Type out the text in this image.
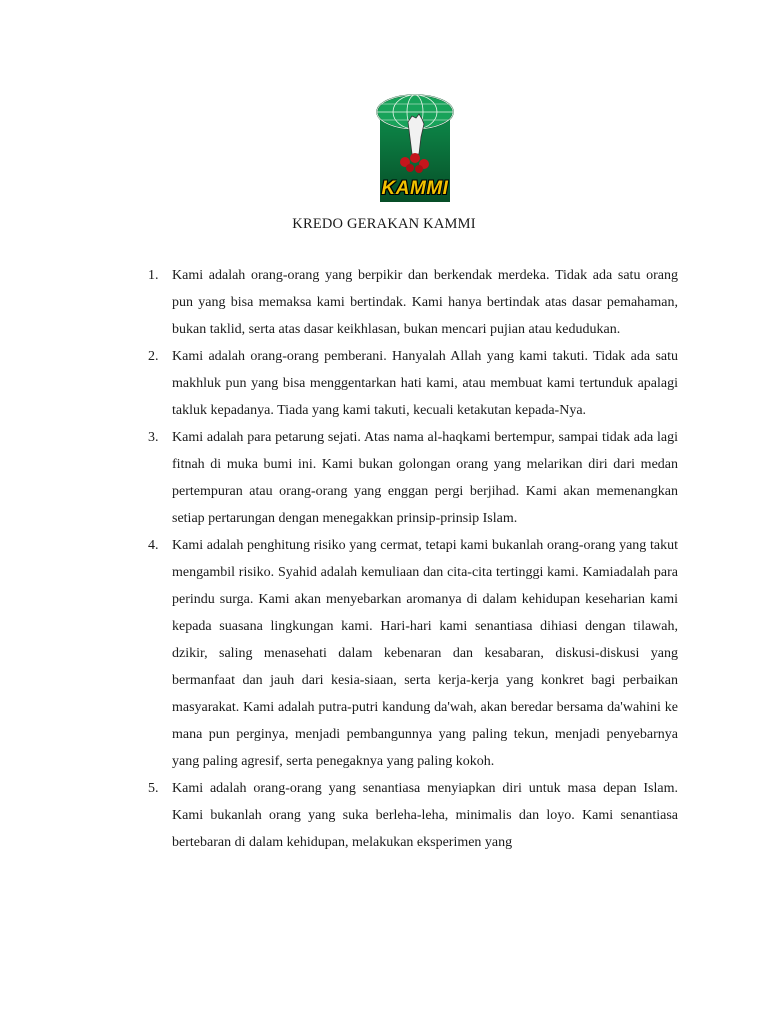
KAMMI
KREDO GERAKAN KAMMI
1. Kami adalah orang-orang yang berpikir dan berkendak merdeka. Tidak ada satu orang pun yang bisa memaksa kami bertindak. Kami hanya bertindak atas dasar pemahaman, bukan taklid, serta atas dasar keikhlasan, bukan mencari pujian atau kedudukan.
2. Kami adalah orang-orang pemberani. Hanyalah Allah yang kami takuti. Tidak ada satu makhluk pun yang bisa menggentarkan hati kami, atau membuat kami tertunduk apalagi takluk kepadanya. Tiada yang kami takuti, kecuali ketakutan kepada-Nya.
3. Kami adalah para petarung sejati. Atas nama al-haqkami bertempur, sampai tidak ada lagi fitnah di muka bumi ini. Kami bukan golongan orang yang melarikan diri dari medan pertempuran atau orang-orang yang enggan pergi berjihad. Kami akan memenangkan setiap pertarungan dengan menegakkan prinsip-prinsip Islam.
4. Kami adalah penghitung risiko yang cermat, tetapi kami bukanlah orang-orang yang takut mengambil risiko. Syahid adalah kemuliaan dan cita-cita tertinggi kami. Kamiadalah para perindu surga. Kami akan menyebarkan aromanya di dalam kehidupan keseharian kami kepada suasana lingkungan kami. Hari-hari kami senantiasa dihiasi dengan tilawah, dzikir, saling menasehati dalam kebenaran dan kesabaran, diskusi-diskusi yang bermanfaat dan jauh dari kesia-siaan, serta kerja-kerja yang konkret bagi perbaikan masyarakat. Kami adalah putra-putri kandung da'wah, akan beredar bersama da'wahini ke mana pun perginya, menjadi pembangunnya yang paling tekun, menjadi penyebarnya yang paling agresif, serta penegaknya yang paling kokoh.
5. Kami adalah orang-orang yang senantiasa menyiapkan diri untuk masa depan Islam. Kami bukanlah orang yang suka berleha-leha, minimalis dan loyo. Kami senantiasa bertebaran di dalam kehidupan, melakukan eksperimen yang
